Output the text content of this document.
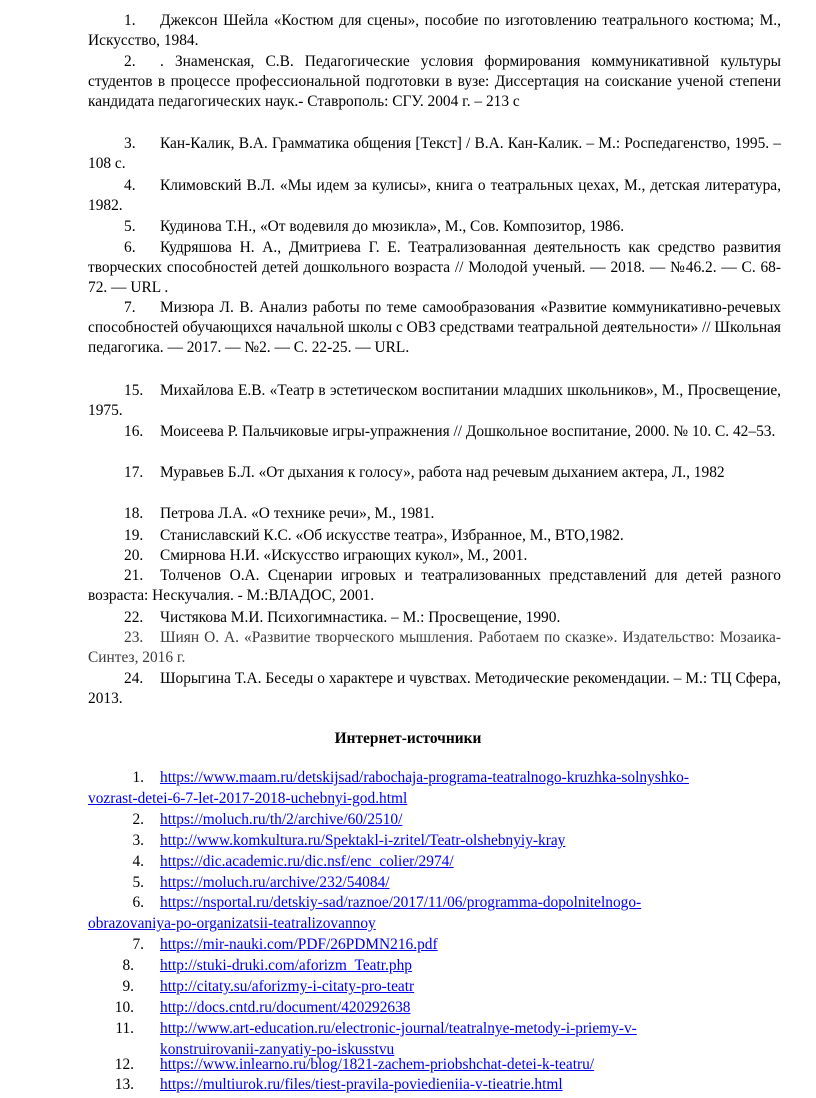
1. Джексон Шейла «Костюм для сцены», пособие по изготовлению театрального костюма; М., Искусство, 1984.
2. . Знаменская, С.В. Педагогические условия формирования коммуникативной культуры студентов в процессе профессиональной подготовки в вузе: Диссертация на соискание ученой степени кандидата педагогических наук.- Ставрополь: СГУ. 2004 г. – 213 с
3. Кан-Калик, В.А. Грамматика общения [Текст] / В.А. Кан-Калик. – М.: Роспедагенство, 1995. – 108 с.
4. Климовский В.Л. «Мы идем за кулисы», книга о театральных цехах, М., детская литература, 1982.
5. Кудинова Т.Н., «От водевиля до мюзикла», М., Сов. Композитор, 1986.
6. Кудряшова Н. А., Дмитриева Г. Е. Театрализованная деятельность как средство развития творческих способностей детей дошкольного возраста // Молодой ученый. — 2018. — №46.2. — С. 68-72. — URL .
7. Мизюра Л. В. Анализ работы по теме самообразования «Развитие коммуникативно-речевых способностей обучающихся начальной школы с ОВЗ средствами театральной деятельности» // Школьная педагогика. — 2017. — №2. — С. 22-25. — URL.
15. Михайлова Е.В. «Театр в эстетическом воспитании младших школьников», М., Просвещение, 1975.
16. Моисеева Р. Пальчиковые игры-упражнения // Дошкольное воспитание, 2000. № 10. С. 42–53.
17. Муравьев Б.Л. «От дыхания к голосу», работа над речевым дыханием актера, Л., 1982
18. Петрова Л.А. «О технике речи», М., 1981.
19. Станиславский К.С. «Об искусстве театра», Избранное, М., ВТО,1982.
20. Смирнова Н.И. «Искусство играющих кукол», М., 2001.
21. Толченов О.А. Сценарии игровых и театрализованных представлений для детей разного возраста: Нескучалия. - М.:ВЛАДОС, 2001.
22. Чистякова М.И. Психогимнастика. – М.: Просвещение, 1990.
23. Шиян О. А. «Развитие творческого мышления. Работаем по сказке». Издательство: Мозаика-Синтез, 2016 г.
24. Шорыгина Т.А. Беседы о характере и чувствах. Методические рекомендации. – М.: ТЦ Сфера, 2013.
Интернет-источники
1. https://www.maam.ru/detskijsad/rabochaja-programa-teatralnogo-kruzhka-solnyshko-
vozrast-detei-6-7-let-2017-2018-uchebnyi-god.html
2. https://moluch.ru/th/2/archive/60/2510/
3. http://www.komkultura.ru/Spektakl-i-zritel/Teatr-olshebnyiy-kray
4. https://dic.academic.ru/dic.nsf/enc_colier/2974/
5. https://moluch.ru/archive/232/54084/
6. https://nsportal.ru/detskiy-sad/raznoe/2017/11/06/programma-dopolnitelnogo-
obrazovaniya-po-organizatsii-teatralizovannoy
7. https://mir-nauki.com/PDF/26PDMN216.pdf
8. http://stuki-druki.com/aforizm_Teatr.php
9. http://citaty.su/aforizmy-i-citaty-pro-teatr
10. http://docs.cntd.ru/document/420292638
11. http://www.art-education.ru/electronic-journal/teatralnye-metody-i-priemy-v-
konstruirovanii-zanyatiy-po-iskusstvu
12. https://www.inlearno.ru/blog/1821-zachem-priobshchat-detei-k-teatru/
13. https://multiurok.ru/files/tiest-pravila-poviedieniia-v-tieatrie.html
